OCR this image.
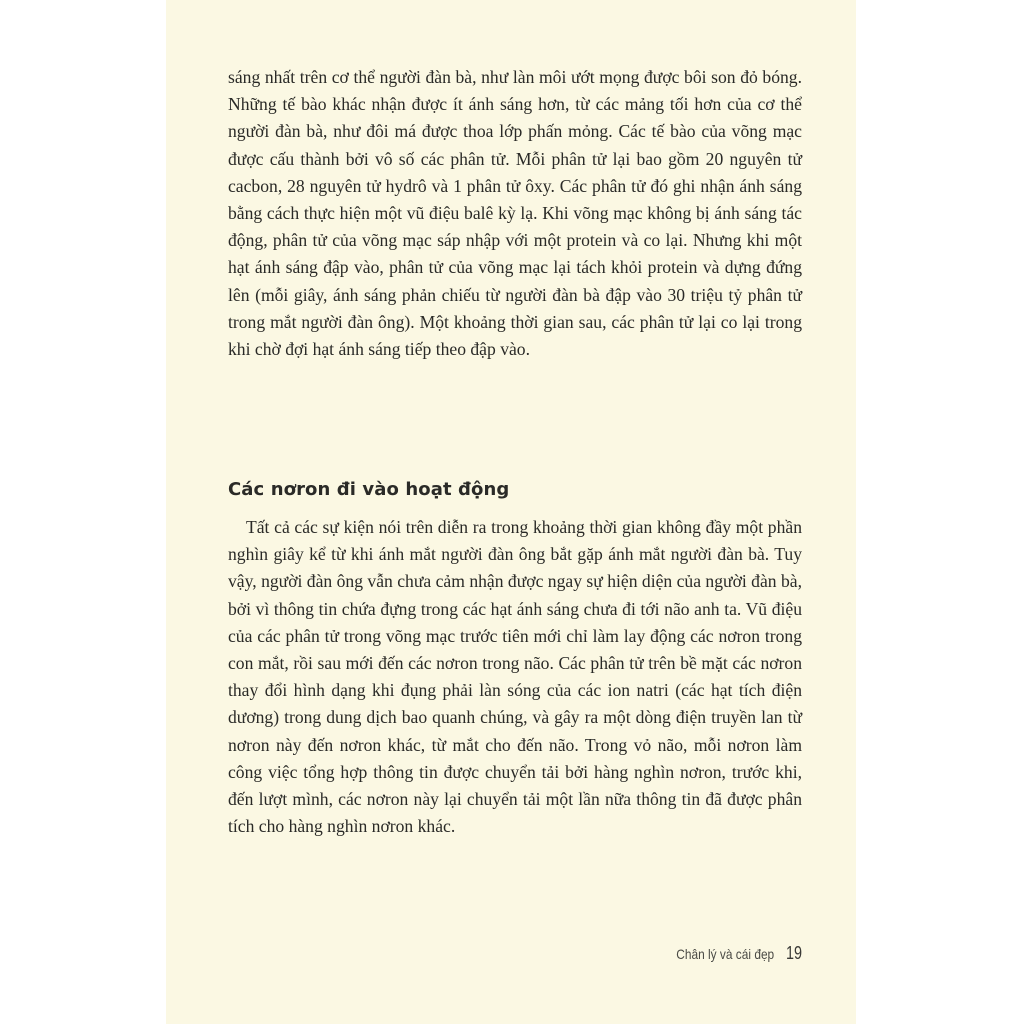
sáng nhất trên cơ thể người đàn bà, như làn môi ướt mọng được bôi son đỏ bóng. Những tế bào khác nhận được ít ánh sáng hơn, từ các mảng tối hơn của cơ thể người đàn bà, như đôi má được thoa lớp phấn mỏng. Các tế bào của võng mạc được cấu thành bởi vô số các phân tử. Mỗi phân tử lại bao gồm 20 nguyên tử cacbon, 28 nguyên tử hydrô và 1 phân tử ôxy. Các phân tử đó ghi nhận ánh sáng bằng cách thực hiện một vũ điệu balê kỳ lạ. Khi võng mạc không bị ánh sáng tác động, phân tử của võng mạc sáp nhập với một protein và co lại. Nhưng khi một hạt ánh sáng đập vào, phân tử của võng mạc lại tách khỏi protein và dựng đứng lên (mỗi giây, ánh sáng phản chiếu từ người đàn bà đập vào 30 triệu tỷ phân tử trong mắt người đàn ông). Một khoảng thời gian sau, các phân tử lại co lại trong khi chờ đợi hạt ánh sáng tiếp theo đập vào.

Các nơron đi vào hoạt động

Tất cả các sự kiện nói trên diễn ra trong khoảng thời gian không đầy một phần nghìn giây kể từ khi ánh mắt người đàn ông bắt gặp ánh mắt người đàn bà. Tuy vậy, người đàn ông vẫn chưa cảm nhận được ngay sự hiện diện của người đàn bà, bởi vì thông tin chứa đựng trong các hạt ánh sáng chưa đi tới não anh ta. Vũ điệu của các phân tử trong võng mạc trước tiên mới chỉ làm lay động các nơron trong con mắt, rồi sau mới đến các nơron trong não. Các phân tử trên bề mặt các nơron thay đổi hình dạng khi đụng phải làn sóng của các ion natri (các hạt tích điện dương) trong dung dịch bao quanh chúng, và gây ra một dòng điện truyền lan từ nơron này đến nơron khác, từ mắt cho đến não. Trong vỏ não, mỗi nơron làm công việc tổng hợp thông tin được chuyển tải bởi hàng nghìn nơron, trước khi, đến lượt mình, các nơron này lại chuyển tải một lần nữa thông tin đã được phân tích cho hàng nghìn nơron khác.

Chân lý và cái đẹp 19
